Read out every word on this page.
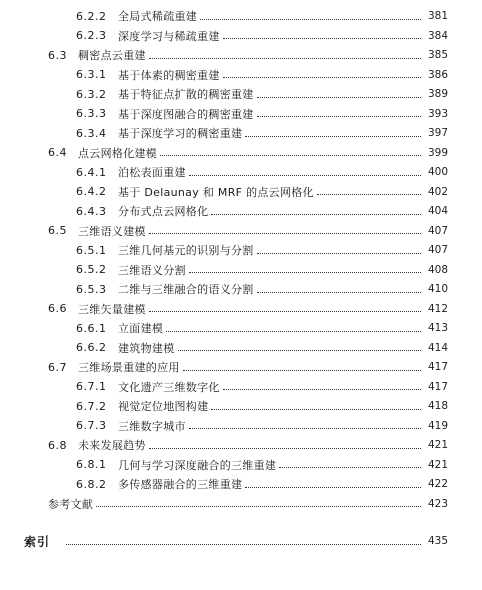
6.2.2	全局式稀疏重建	381
6.2.3	深度学习与稀疏重建	384
6.3 稠密点云重建	385
6.3.1	基于体素的稠密重建	386
6.3.2	基于特征点扩散的稠密重建	389
6.3.3	基于深度图融合的稠密重建	393
6.3.4	基于深度学习的稠密重建	397
6.4 点云网格化建模	399
6.4.1	泊松表面重建	400
6.4.2	基于 Delaunay 和 MRF 的点云网格化	402
6.4.3	分布式点云网格化	404
6.5 三维语义建模	407
6.5.1	三维几何基元的识别与分割	407
6.5.2	三维语义分割	408
6.5.3	二维与三维融合的语义分割	410
6.6 三维矢量建模	412
6.6.1	立面建模	413
6.6.2	建筑物建模	414
6.7 三维场景重建的应用	417
6.7.1	文化遗产三维数字化	417
6.7.2	视觉定位地图构建	418
6.7.3	三维数字城市	419
6.8 未来发展趋势	421
6.8.1	几何与学习深度融合的三维重建	421
6.8.2	多传感器融合的三维重建	422
参考文献	423
索引	435
